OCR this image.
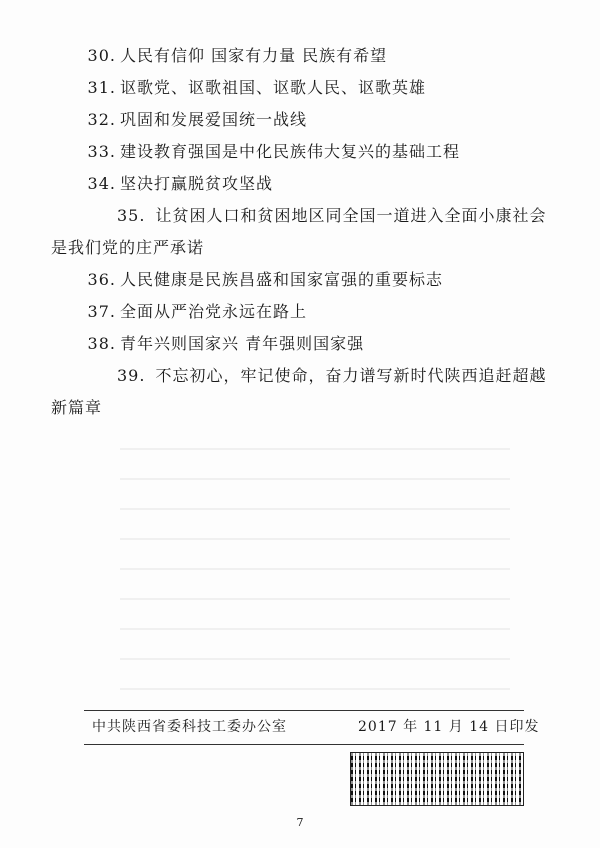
30. 人民有信仰 国家有力量 民族有希望
31. 讴歌党、讴歌祖国、讴歌人民、讴歌英雄
32. 巩固和发展爱国统一战线
33. 建设教育强国是中化民族伟大复兴的基础工程
34. 坚决打赢脱贫攻坚战
35. 让贫困人口和贫困地区同全国一道进入全面小康社会是我们党的庄严承诺
36. 人民健康是民族昌盛和国家富强的重要标志
37. 全面从严治党永远在路上
38. 青年兴则国家兴 青年强则国家强
39. 不忘初心，牢记使命，奋力谱写新时代陕西追赶超越新篇章
中共陕西省委科技工委办公室	2017 年 11 月 14 日印发
7
